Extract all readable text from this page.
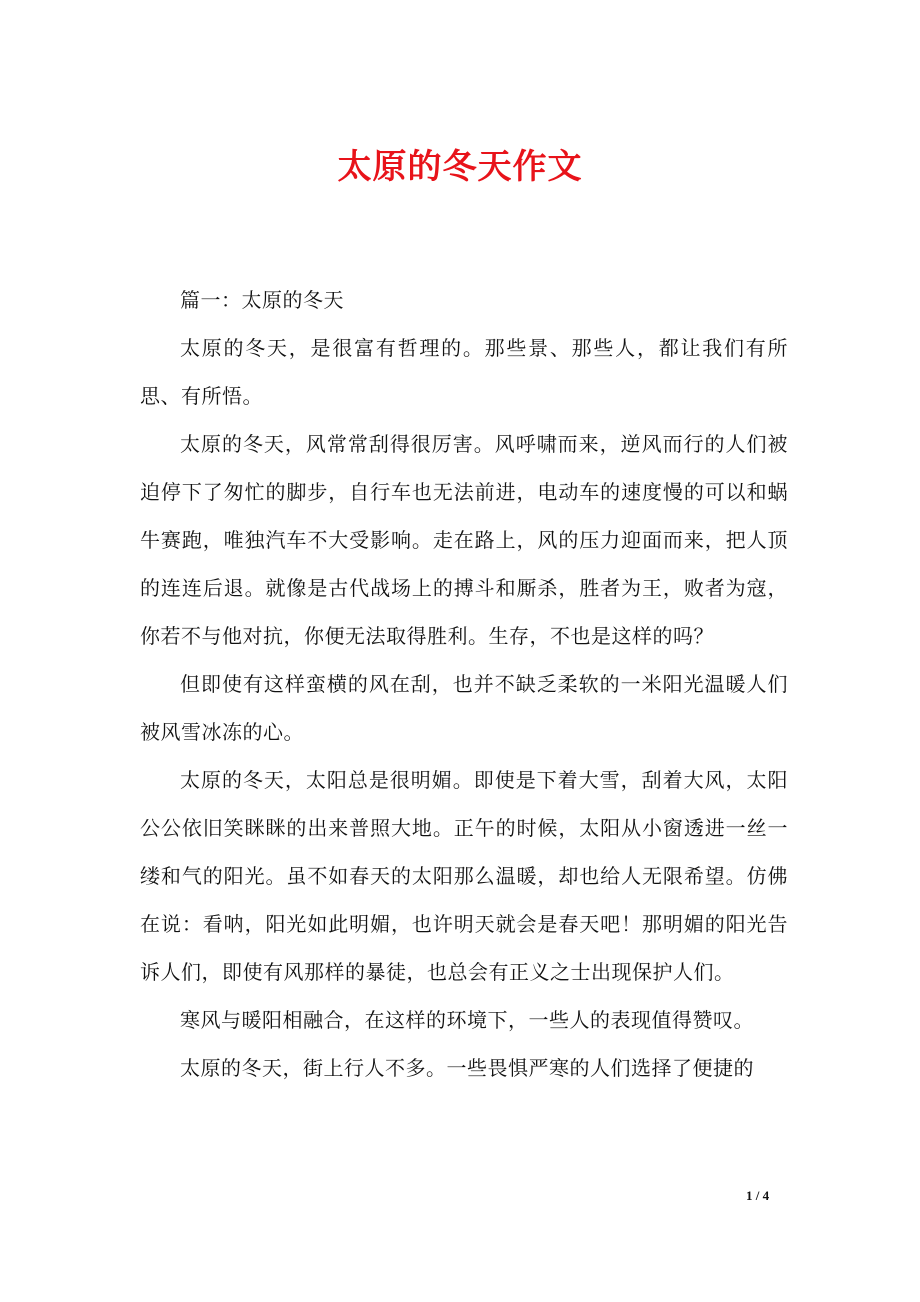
太原的冬天作文

篇一：太原的冬天

太原的冬天，是很富有哲理的。那些景、那些人，都让我们有所思、有所悟。

太原的冬天，风常常刮得很厉害。风呼啸而来，逆风而行的人们被迫停下了匆忙的脚步，自行车也无法前进，电动车的速度慢的可以和蜗牛赛跑，唯独汽车不大受影响。走在路上，风的压力迎面而来，把人顶的连连后退。就像是古代战场上的搏斗和厮杀，胜者为王，败者为寇，你若不与他对抗，你便无法取得胜利。生存，不也是这样的吗？

但即使有这样蛮横的风在刮，也并不缺乏柔软的一米阳光温暖人们被风雪冰冻的心。

太原的冬天，太阳总是很明媚。即使是下着大雪，刮着大风，太阳公公依旧笑眯眯的出来普照大地。正午的时候，太阳从小窗透进一丝一缕和气的阳光。虽不如春天的太阳那么温暖，却也给人无限希望。仿佛在说：看呐，阳光如此明媚，也许明天就会是春天吧！那明媚的阳光告诉人们，即使有风那样的暴徒，也总会有正义之士出现保护人们。

寒风与暖阳相融合，在这样的环境下，一些人的表现值得赞叹。

太原的冬天，街上行人不多。一些畏惧严寒的人们选择了便捷的

1 / 4
